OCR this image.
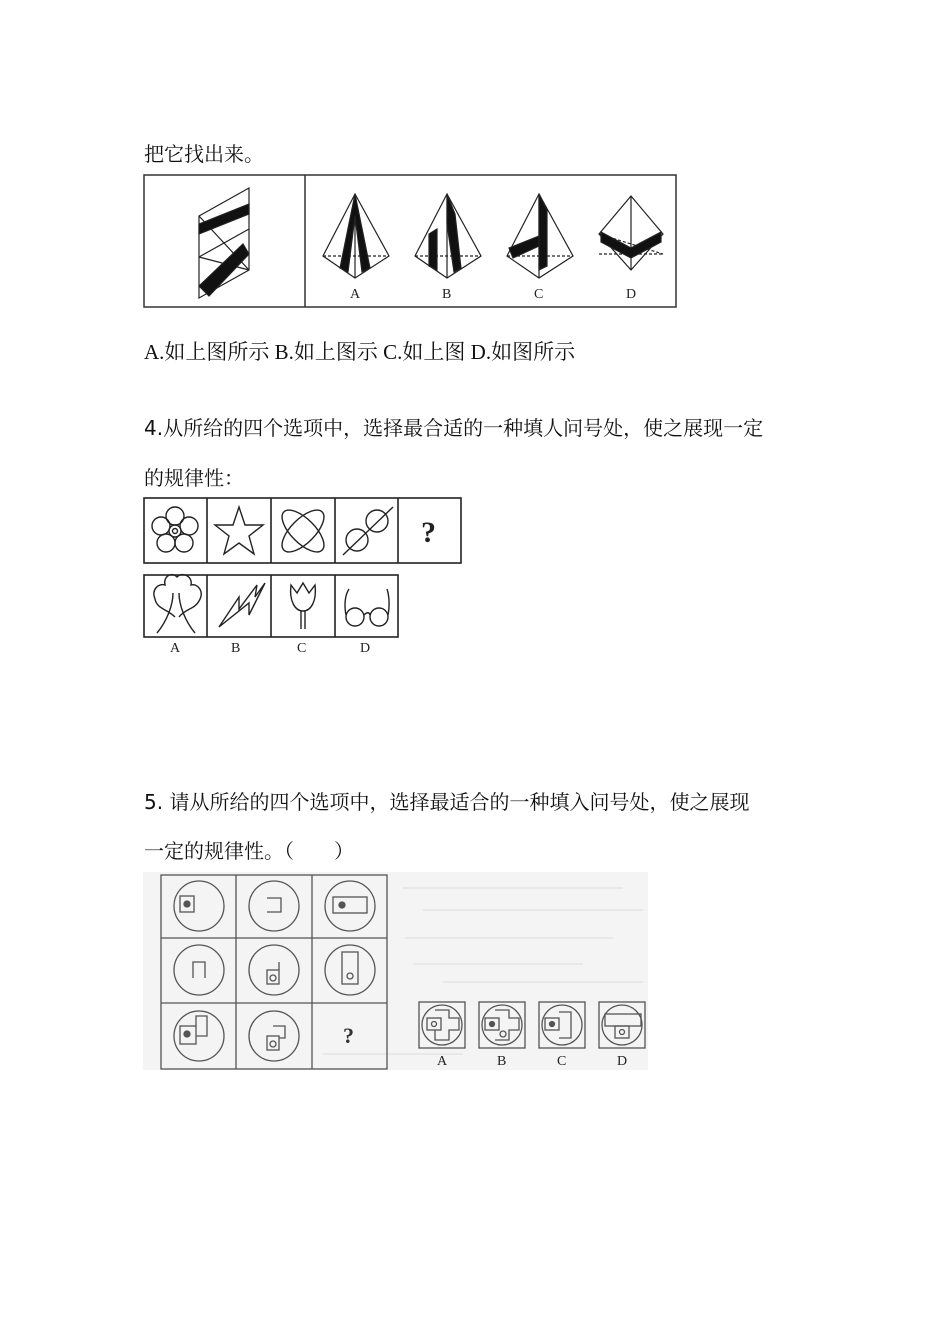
把它找出来。
A	B	C	D
A.如上图所示 B.如上图示 C.如上图 D.如图所示
4.从所给的四个选项中，选择最合适的一种填人问号处，使之展现一定
的规律性：
?
A	B	C	D
5. 请从所给的四个选项中，选择最适合的一种填入问号处，使之展现
一定的规律性。（　　）
?
A	B	C	D
